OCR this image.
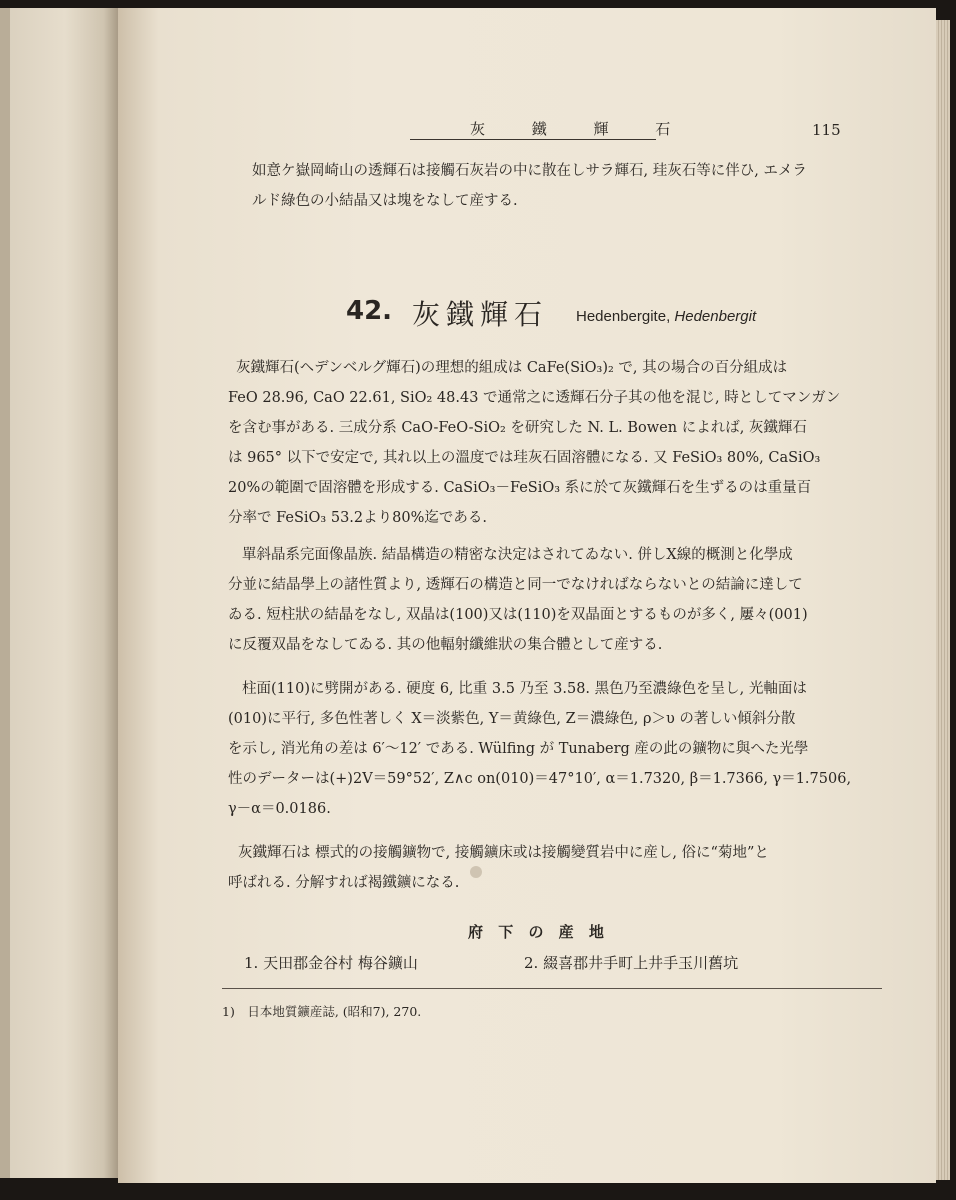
灰 鐵 輝 石	115
如意ケ嶽岡崎山の透輝石は接觸石灰岩の中に散在しサラ輝石, 珪灰石等に伴ひ, エメラ
ルド綠色の小結晶又は塊をなして産する.
42. 灰鐵輝石 Hedenbergite, Hedenbergit
灰鐵輝石(ヘデンベルグ輝石)の理想的組成は CaFe(SiO₃)₂ で, 其の場合の百分組成は
FeO 28.96, CaO 22.61, SiO₂ 48.43 で通常之に透輝石分子其の他を混じ, 時としてマンガン
を含む事がある. 三成分系 CaO-FeO-SiO₂ を研究した N. L. Bowen によれば, 灰鐵輝石
は 965° 以下で安定で, 其れ以上の溫度では珪灰石固溶體になる. 又 FeSiO₃ 80%, CaSiO₃
20%の範圍で固溶體を形成する. CaSiO₃－FeSiO₃ 系に於て灰鐵輝石を生ずるのは重量百
分率で FeSiO₃ 53.2より80%迄である.
單斜晶系完面像晶族. 結晶構造の精密な決定はされてゐない. 併しX線的概測と化學成
分並に結晶學上の諸性質より, 透輝石の構造と同一でなければならないとの結論に達して
ゐる. 短柱狀の結晶をなし, 双晶は(100)又は(110)を双晶面とするものが多く, 屢々(001)
に反覆双晶をなしてゐる. 其の他輻射纖維狀の集合體として産する.
柱面(110)に劈開がある. 硬度 6, 比重 3.5 乃至 3.58. 黑色乃至濃綠色を呈し, 光軸面は
(010)に平行, 多色性著しく X＝淡紫色, Y＝黄綠色, Z＝濃綠色, ρ＞υ の著しい傾斜分散
を示し, 消光角の差は 6′～12′ である. Wülfing が Tunaberg 産の此の鑛物に與へた光學
性のデーターは(+)2V＝59°52′, Z∧c on(010)＝47°10′, α＝1.7320, β＝1.7366, γ＝1.7506,
γ－α＝0.0186.
灰鐵輝石は 標式的の接觸鑛物で, 接觸鑛床或は接觸變質岩中に産し, 俗に“菊地”と
呼ばれる. 分解すれば褐鐵鑛になる.
府 下 の 産 地
1. 天田郡金谷村 梅谷鑛山	2. 綴喜郡井手町上井手玉川舊坑
1)　日本地質鑛産誌, (昭和7), 270.
